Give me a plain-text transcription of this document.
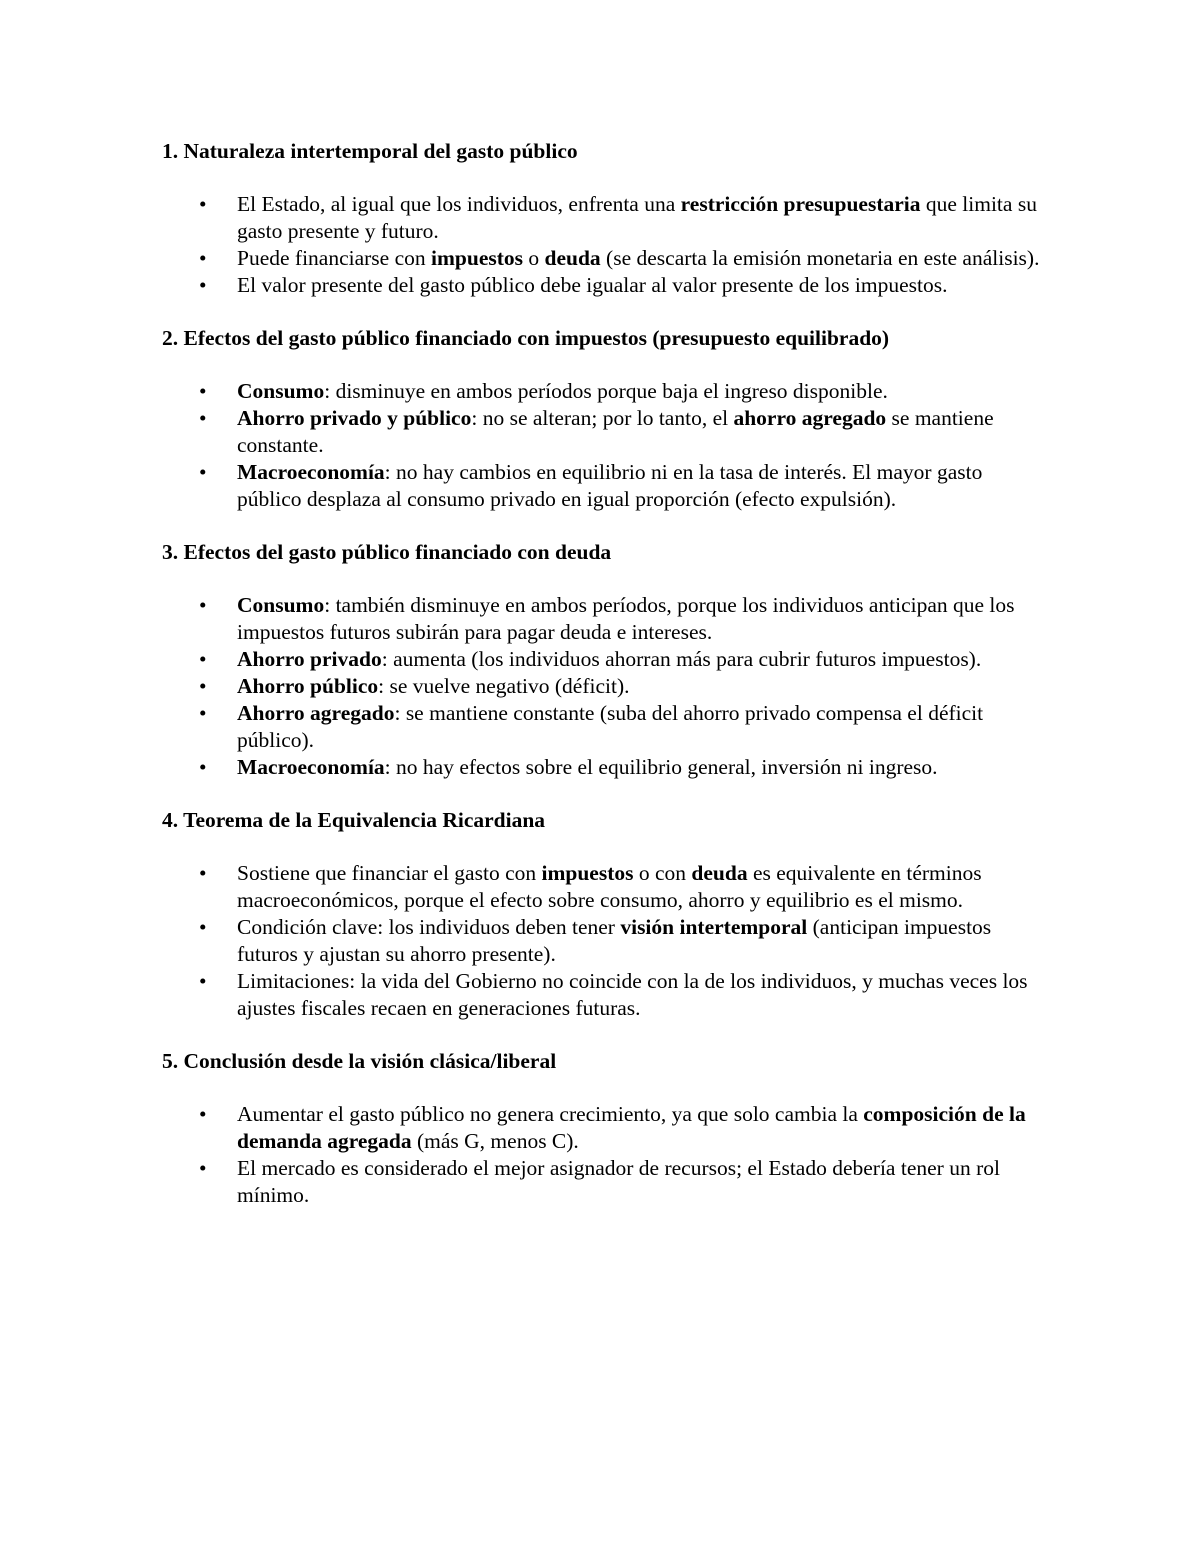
1. Naturaleza intertemporal del gasto público
• El Estado, al igual que los individuos, enfrenta una restricción presupuestaria que limita su gasto presente y futuro.
• Puede financiarse con impuestos o deuda (se descarta la emisión monetaria en este análisis).
• El valor presente del gasto público debe igualar al valor presente de los impuestos.
2. Efectos del gasto público financiado con impuestos (presupuesto equilibrado)
• Consumo: disminuye en ambos períodos porque baja el ingreso disponible.
• Ahorro privado y público: no se alteran; por lo tanto, el ahorro agregado se mantiene constante.
• Macroeconomía: no hay cambios en equilibrio ni en la tasa de interés. El mayor gasto público desplaza al consumo privado en igual proporción (efecto expulsión).
3. Efectos del gasto público financiado con deuda
• Consumo: también disminuye en ambos períodos, porque los individuos anticipan que los impuestos futuros subirán para pagar deuda e intereses.
• Ahorro privado: aumenta (los individuos ahorran más para cubrir futuros impuestos).
• Ahorro público: se vuelve negativo (déficit).
• Ahorro agregado: se mantiene constante (suba del ahorro privado compensa el déficit público).
• Macroeconomía: no hay efectos sobre el equilibrio general, inversión ni ingreso.
4. Teorema de la Equivalencia Ricardiana
• Sostiene que financiar el gasto con impuestos o con deuda es equivalente en términos macroeconómicos, porque el efecto sobre consumo, ahorro y equilibrio es el mismo.
• Condición clave: los individuos deben tener visión intertemporal (anticipan impuestos futuros y ajustan su ahorro presente).
• Limitaciones: la vida del Gobierno no coincide con la de los individuos, y muchas veces los ajustes fiscales recaen en generaciones futuras.
5. Conclusión desde la visión clásica/liberal
• Aumentar el gasto público no genera crecimiento, ya que solo cambia la composición de la demanda agregada (más G, menos C).
• El mercado es considerado el mejor asignador de recursos; el Estado debería tener un rol mínimo.
